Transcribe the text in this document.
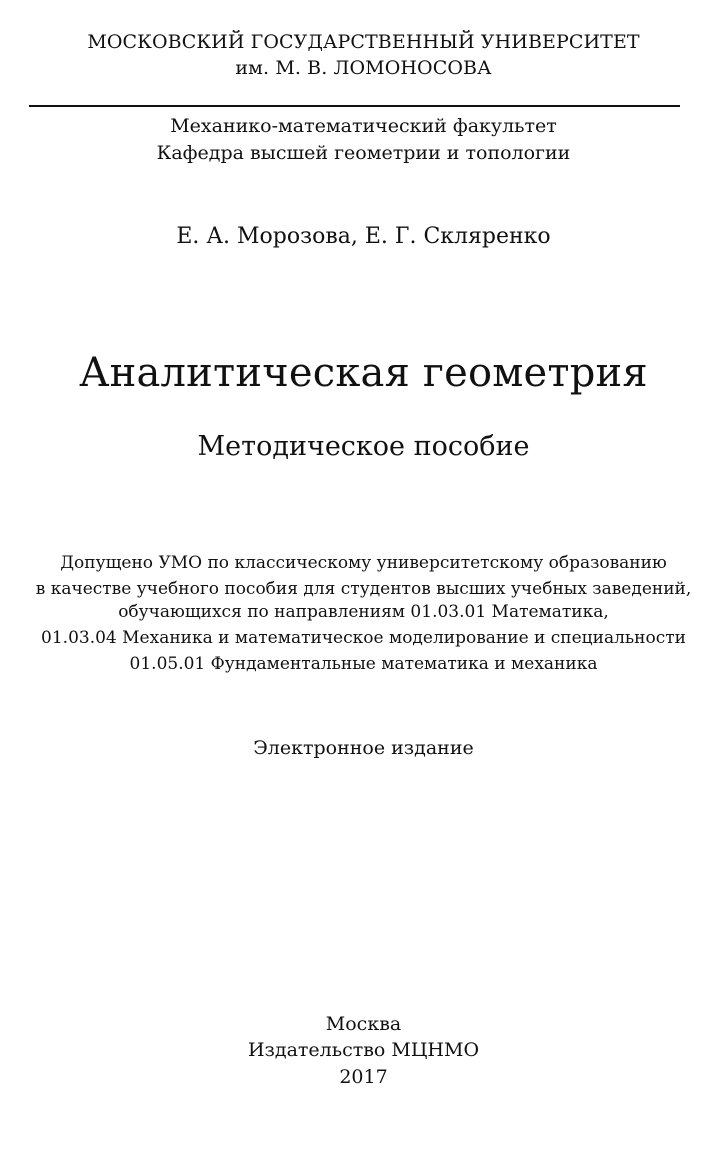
МОСКОВСКИЙ ГОСУДАРСТВЕННЫЙ УНИВЕРСИТЕТ
им. М. В. ЛОМОНОСОВА
Механико-математический факультет
Кафедра высшей геометрии и топологии
Е. А. Морозова, Е. Г. Скляренко
Аналитическая геометрия
Методическое пособие
Допущено УМО по классическому университетскому образованию
в качестве учебного пособия для студентов высших учебных заведений,
обучающихся по направлениям 01.03.01 Математика,
01.03.04 Механика и математическое моделирование и специальности
01.05.01 Фундаментальные математика и механика
Электронное издание
Москва
Издательство МЦНМО
2017
